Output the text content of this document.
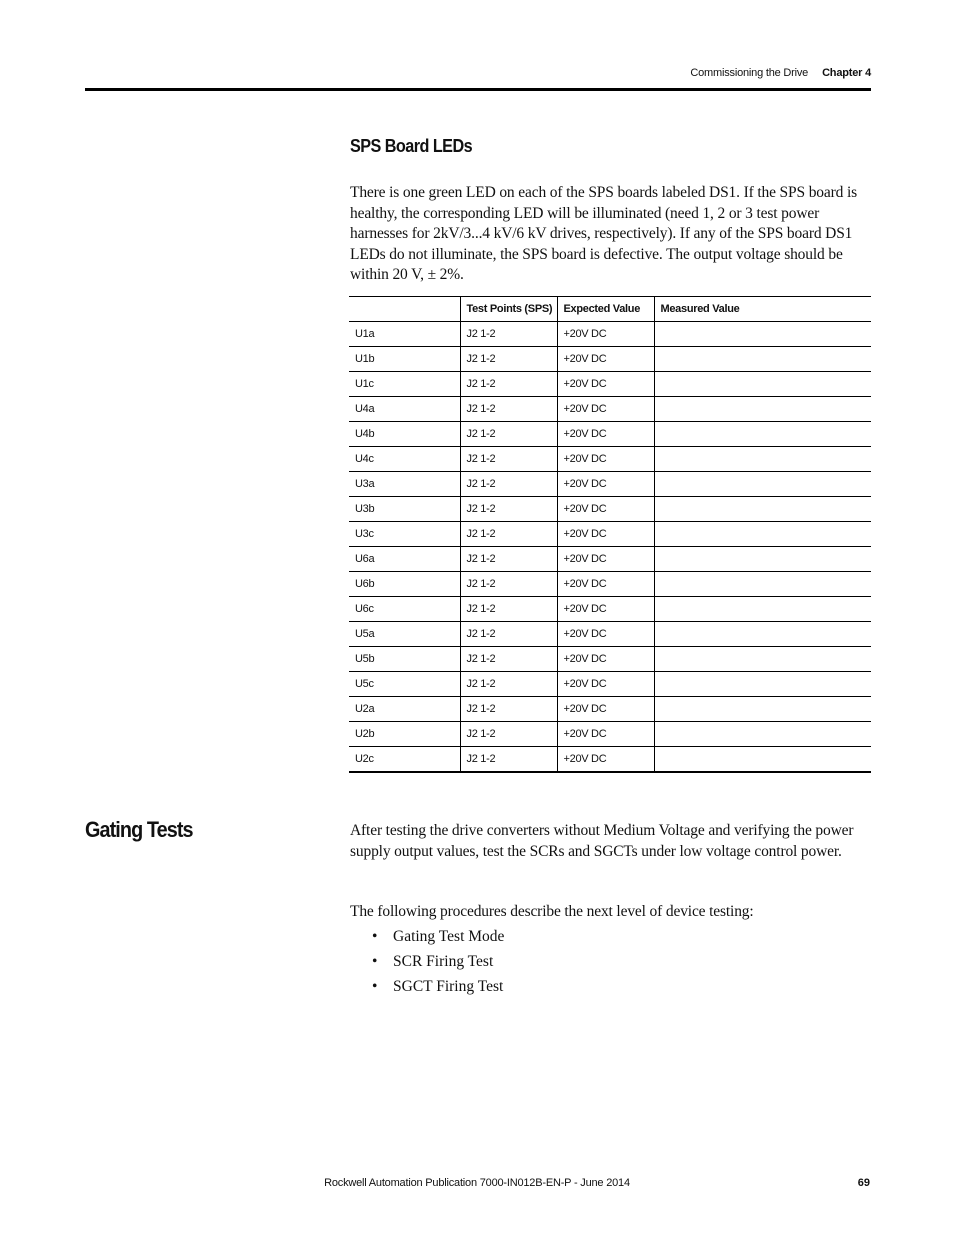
Commissioning the Drive Chapter 4
SPS Board LEDs
There is one green LED on each of the SPS boards labeled DS1. If the SPS board is healthy, the corresponding LED will be illuminated (need 1, 2 or 3 test power harnesses for 2kV/3...4 kV/6 kV drives, respectively). If any of the SPS board DS1 LEDs do not illuminate, the SPS board is defective. The output voltage should be within 20 V, ± 2%.
	Test Points (SPS)	Expected Value	Measured Value
U1a	J2 1-2	+20V DC	
U1b	J2 1-2	+20V DC	
U1c	J2 1-2	+20V DC	
U4a	J2 1-2	+20V DC	
U4b	J2 1-2	+20V DC	
U4c	J2 1-2	+20V DC	
U3a	J2 1-2	+20V DC	
U3b	J2 1-2	+20V DC	
U3c	J2 1-2	+20V DC	
U6a	J2 1-2	+20V DC	
U6b	J2 1-2	+20V DC	
U6c	J2 1-2	+20V DC	
U5a	J2 1-2	+20V DC	
U5b	J2 1-2	+20V DC	
U5c	J2 1-2	+20V DC	
U2a	J2 1-2	+20V DC	
U2b	J2 1-2	+20V DC	
U2c	J2 1-2	+20V DC	
Gating Tests	After testing the drive converters without Medium Voltage and verifying the power supply output values, test the SCRs and SGCTs under low voltage control power.
The following procedures describe the next level of device testing:
• Gating Test Mode
• SCR Firing Test
• SGCT Firing Test
Rockwell Automation Publication 7000-IN012B-EN-P - June 2014	69
